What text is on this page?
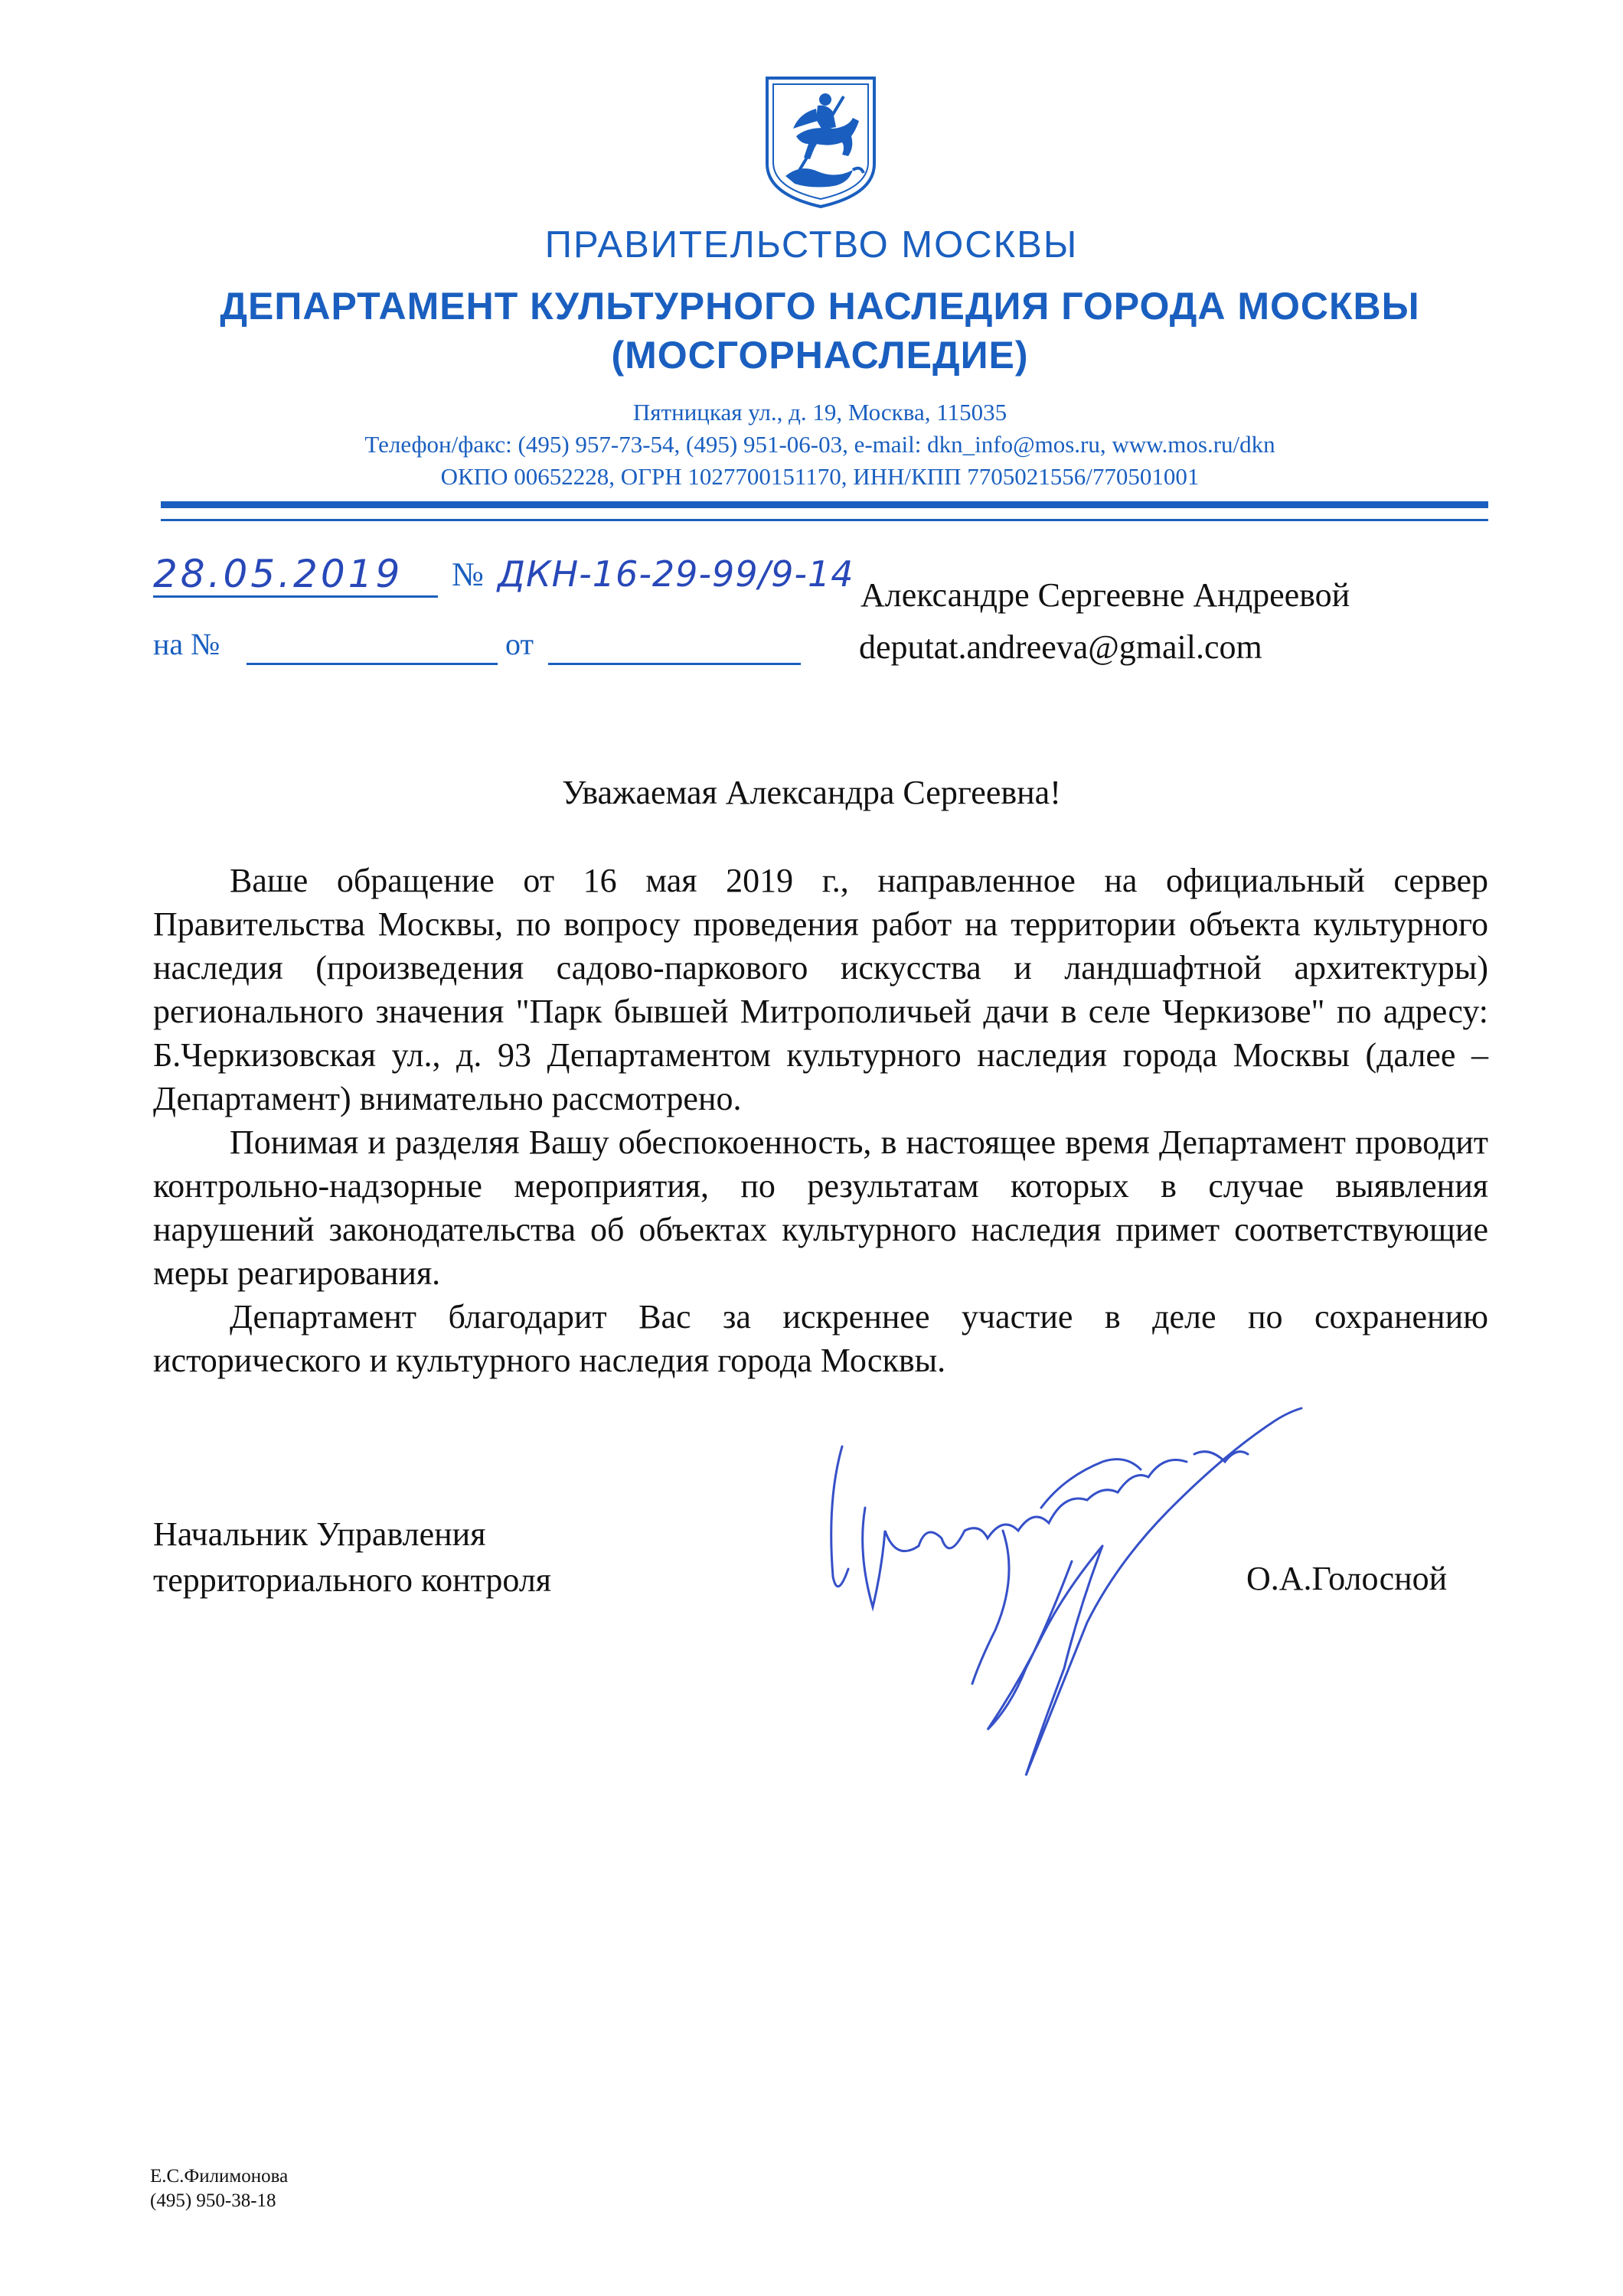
ПРАВИТЕЛЬСТВО МОСКВЫ
ДЕПАРТАМЕНТ КУЛЬТУРНОГО НАСЛЕДИЯ ГОРОДА МОСКВЫ
(МОСГОРНАСЛЕДИЕ)
Пятницкая ул., д. 19, Москва, 115035
Телефон/факс: (495) 957-73-54, (495) 951-06-03, e-mail: dkn_info@mos.ru, www.mos.ru/dkn
ОКПО 00652228, ОГРН 1027700151170, ИНН/КПП 7705021556/770501001
28.05.2019	№ ДКН-16-29-99/9-14
на №	от
Александре Сергеевне Андреевой
deputat.andreeva@gmail.com
Уважаемая Александра Сергеевна!

Ваше обращение от 16 мая 2019 г., направленное на официальный сервер Правительства Москвы, по вопросу проведения работ на территории объекта культурного наследия (произведения садово-паркового искусства и ландшафтной архитектуры) регионального значения "Парк бывшей Митрополичьей дачи в селе Черкизове" по адресу: Б.Черкизовская ул., д. 93 Департаментом культурного наследия города Москвы (далее – Департамент) внимательно рассмотрено.

Понимая и разделяя Вашу обеспокоенность, в настоящее время Департамент проводит контрольно-надзорные мероприятия, по результатам которых в случае выявления нарушений законодательства об объектах культурного наследия примет соответствующие меры реагирования.

Департамент благодарит Вас за искреннее участие в деле по сохранению исторического и культурного наследия города Москвы.

Начальник Управления
территориального контроля	О.А.Голосной
Е.С.Филимонова
(495) 950-38-18
